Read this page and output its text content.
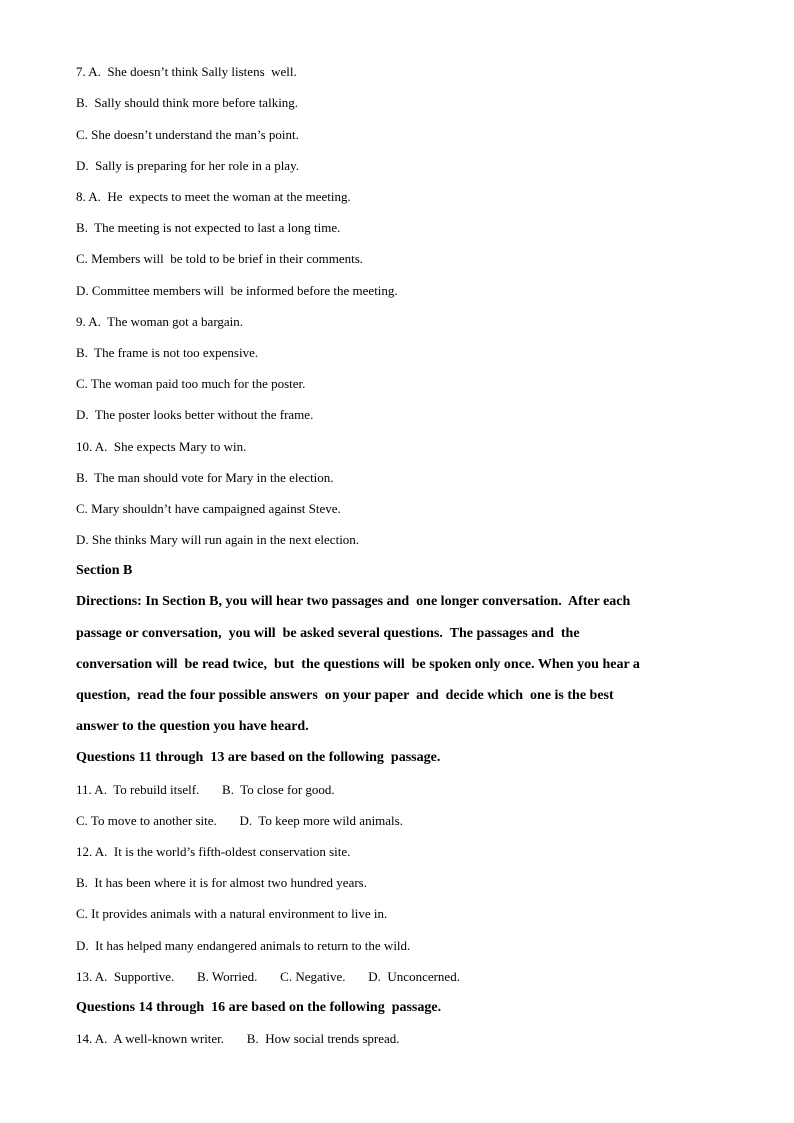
7. A.  She doesn’t think Sally listens  well.
B.  Sally should think more before talking.
C. She doesn’t understand the man’s point.
D.  Sally is preparing for her role in a play.
8. A.  He  expects to meet the woman at the meeting.
B.  The meeting is not expected to last a long time.
C. Members will  be told to be brief in their comments.
D. Committee members will  be informed before the meeting.
9. A.  The woman got a bargain.
B.  The frame is not too expensive.
C. The woman paid too much for the poster.
D.  The poster looks better without the frame.
10. A.  She expects Mary to win.
B.  The man should vote for Mary in the election.
C. Mary shouldn’t have campaigned against Steve.
D. She thinks Mary will run again in the next election.
Section B
Directions: In Section B, you will hear two passages and  one longer conversation.  After each
passage or conversation,  you will  be asked several questions.  The passages and  the
conversation will  be read twice,  but  the questions will  be spoken only once. When you hear a
question,  read the four possible answers  on your paper  and  decide which  one is the best
answer to the question you have heard.
Questions 11 through  13 are based on the following  passage.
11. A.  To rebuild itself.       B.  To close for good.
C. To move to another site.       D.  To keep more wild animals.
12. A.  It is the world’s fifth-oldest conservation site.
B.  It has been where it is for almost two hundred years.
C. It provides animals with a natural environment to live in.
D.  It has helped many endangered animals to return to the wild.
13. A.  Supportive.       B. Worried.       C. Negative.       D.  Unconcerned.
Questions 14 through  16 are based on the following  passage.
14. A.  A well-known writer.       B.  How social trends spread.
